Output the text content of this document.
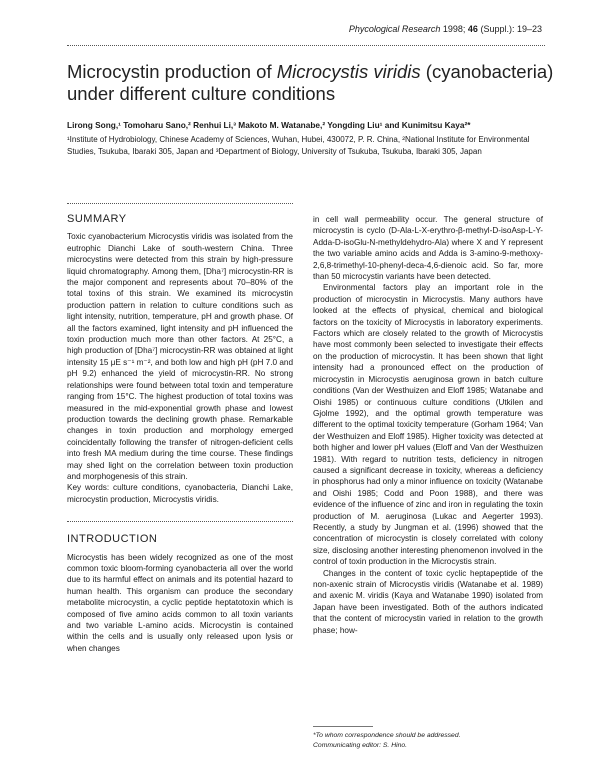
Phycological Research 1998; 46 (Suppl.): 19–23
Microcystin production of Microcystis viridis (cyanobacteria) under different culture conditions
Lirong Song,¹ Tomoharu Sano,² Renhui Li,³ Makoto M. Watanabe,² Yongding Liu¹ and Kunimitsu Kaya²*
¹Institute of Hydrobiology, Chinese Academy of Sciences, Wuhan, Hubei, 430072, P. R. China, ²National Institute for Environmental Studies, Tsukuba, Ibaraki 305, Japan and ³Department of Biology, University of Tsukuba, Tsukuba, Ibaraki 305, Japan
SUMMARY

Toxic cyanobacterium Microcystis viridis was isolated from the eutrophic Dianchi Lake of south-western China. Three microcystins were detected from this strain by high-pressure liquid chromatography. Among them, [Dha⁷] microcystin-RR is the major component and represents about 70–80% of the total toxins of this strain. We examined its microcystin production pattern in relation to culture conditions such as light intensity, nutrition, temperature, pH and growth phase. Of all the factors examined, light intensity and pH influenced the toxin production much more than other factors. At 25°C, a high production of [Dha⁷] microcystin-RR was obtained at light intensity 15 μE s⁻¹ m⁻², and both low and high pH (pH 7.0 and pH 9.2) enhanced the yield of microcystin-RR. No strong relationships were found between total toxin and temperature ranging from 15°C. The highest production of total toxins was measured in the mid-exponential growth phase and lowest production towards the declining growth phase. Remarkable changes in toxin production and morphology emerged coincidentally following the transfer of nitrogen-deficient cells into fresh MA medium during the time course. These findings may shed light on the correlation between toxin production and morphogenesis of this strain.

Key words: culture conditions, cyanobacteria, Dianchi Lake, microcystin production, Microcystis viridis.

INTRODUCTION

Microcystis has been widely recognized as one of the most common toxic bloom-forming cyanobacteria all over the world due to its harmful effect on animals and its potential hazard to human health. This organism can produce the secondary metabolite microcystin, a cyclic peptide heptatotoxin which is composed of five amino acids common to all toxin variants and two variable L-amino acids. Microcystin is contained within the cells and is usually only released upon lysis or when changes

in cell wall permeability occur. The general structure of microcystin is cyclo (D-Ala-L-X-erythro-β-methyl-D-isoAsp-L-Y-Adda-D-isoGlu-N-methyldehydro-Ala) where X and Y represent the two variable amino acids and Adda is 3-amino-9-methoxy-2,6,8-trimethyl-10-phenyl-deca-4,6-dienoic acid. So far, more than 50 microcystin variants have been detected.

Environmental factors play an important role in the production of microcystin in Microcystis. Many authors have looked at the effects of physical, chemical and biological factors on the toxicity of Microcystis in laboratory experiments. Factors which are closely related to the growth of Microcystis have most commonly been selected to investigate their effects on the production of microcystin. It has been shown that light intensity had a pronounced effect on the production of microcystin in Microcystis aeruginosa grown in batch culture conditions (Van der Westhuizen and Eloff 1985; Watanabe and Oishi 1985) or continuous culture conditions (Utkilen and Gjolme 1992), and the optimal growth temperature was different to the optimal toxicity temperature (Gorham 1964; Van der Westhuizen and Eloff 1985). Higher toxicity was detected at both higher and lower pH values (Eloff and Van der Westhuizen 1981). With regard to nutrition tests, deficiency in nitrogen caused a significant decrease in toxicity, whereas a deficiency in phosphorus had only a minor influence on toxicity (Watanabe and Oishi 1985; Codd and Poon 1988), and there was evidence of the influence of zinc and iron in regulating the toxin production of M. aeruginosa (Lukac and Aegerter 1993). Recently, a study by Jungman et al. (1996) showed that the concentration of microcystin is closely correlated with colony size, disclosing another interesting phenomenon involved in the control of toxin production in the Microcystis strain.

Changes in the content of toxic cyclic heptapeptide of the non-axenic strain of Microcystis viridis (Watanabe et al. 1989) and axenic M. viridis (Kaya and Watanabe 1990) isolated from Japan have been investigated. Both of the authors indicated that the content of microcystin varied in relation to the growth phase; how-

*To whom correspondence should be addressed.
Communicating editor: S. Hino.
